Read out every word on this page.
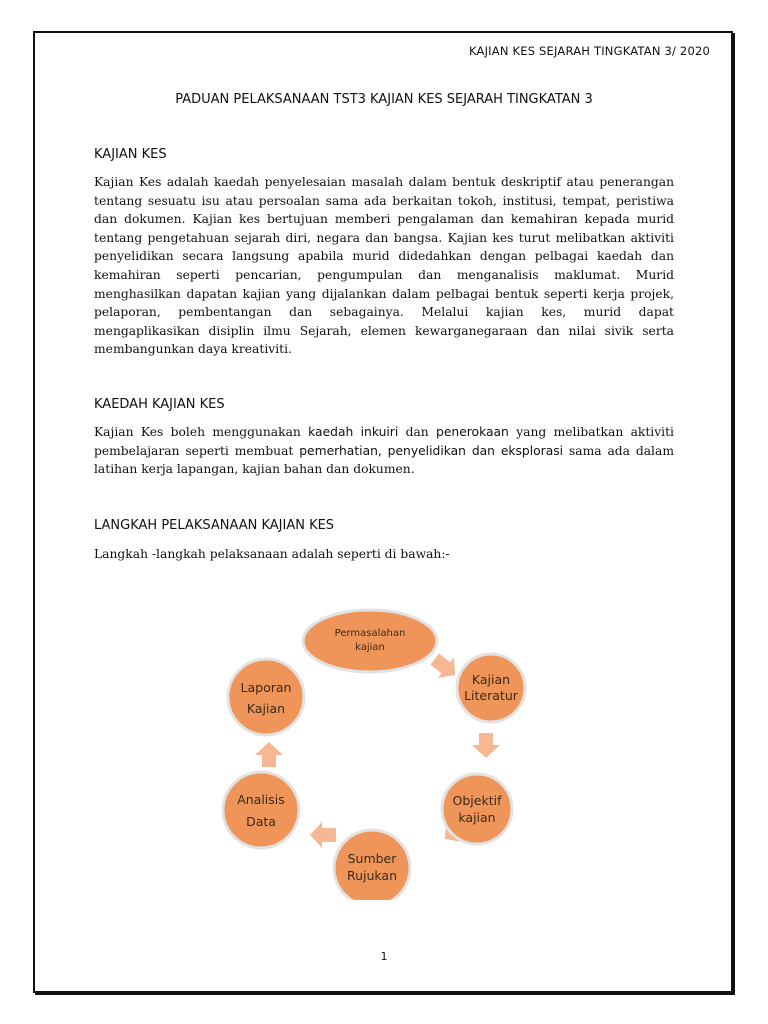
KAJIAN KES SEJARAH TINGKATAN 3/ 2020
PADUAN PELAKSANAAN TST3 KAJIAN KES SEJARAH TINGKATAN 3
KAJIAN KES

Kajian Kes adalah kaedah penyelesaian masalah dalam bentuk deskriptif atau penerangan tentang sesuatu isu atau persoalan sama ada berkaitan tokoh, institusi, tempat, peristiwa dan dokumen. Kajian kes bertujuan memberi pengalaman dan kemahiran kepada murid tentang pengetahuan sejarah diri, negara dan bangsa. Kajian kes turut melibatkan aktiviti penyelidikan secara langsung apabila murid didedahkan dengan pelbagai kaedah dan kemahiran seperti pencarian, pengumpulan dan menganalisis maklumat. Murid menghasilkan dapatan kajian yang dijalankan dalam pelbagai bentuk seperti kerja projek, pelaporan, pembentangan dan sebagainya. Melalui kajian kes, murid dapat mengaplikasikan disiplin ilmu Sejarah, elemen kewarganegaraan dan nilai sivik serta membangunkan daya kreativiti.

KAEDAH KAJIAN KES

Kajian Kes boleh menggunakan kaedah inkuiri dan penerokaan yang melibatkan aktiviti pembelajaran seperti membuat pemerhatian, penyelidikan dan eksplorasi sama ada dalam latihan kerja lapangan, kajian bahan dan dokumen.

LANGKAH PELAKSANAAN KAJIAN KES

Langkah -langkah pelaksanaan adalah seperti di bawah:-

Permasalahan
kajian
Kajian
Literatur
Objektif
kajian
Sumber
Rujukan
Analisis
Data
Laporan
Kajian
1
